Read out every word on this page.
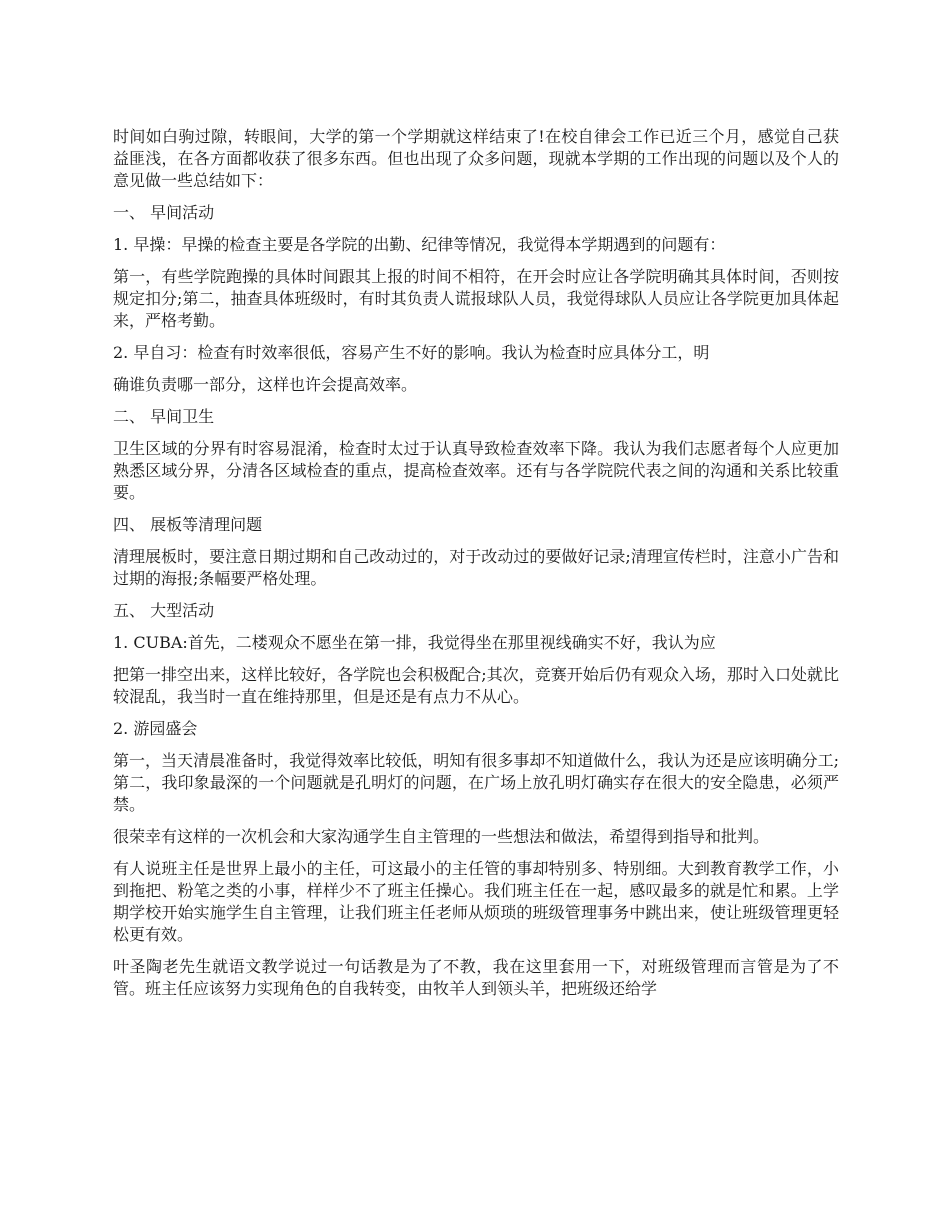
时间如白驹过隙，转眼间，大学的第一个学期就这样结束了!在校自律会工作已近三个月，感觉自己获益匪浅，在各方面都收获了很多东西。但也出现了众多问题，现就本学期的工作出现的问题以及个人的意见做一些总结如下：

一、 早间活动

1. 早操：早操的检查主要是各学院的出勤、纪律等情况，我觉得本学期遇到的问题有：

第一，有些学院跑操的具体时间跟其上报的时间不相符，在开会时应让各学院明确其具体时间，否则按规定扣分;第二，抽查具体班级时，有时其负责人谎报球队人员，我觉得球队人员应让各学院更加具体起来，严格考勤。

2. 早自习：检查有时效率很低，容易产生不好的影响。我认为检查时应具体分工，明

确谁负责哪一部分，这样也许会提高效率。

二、 早间卫生

卫生区域的分界有时容易混淆，检查时太过于认真导致检查效率下降。我认为我们志愿者每个人应更加熟悉区域分界，分清各区域检查的重点，提高检查效率。还有与各学院院代表之间的沟通和关系比较重要。

四、 展板等清理问题

清理展板时，要注意日期过期和自己改动过的，对于改动过的要做好记录;清理宣传栏时，注意小广告和过期的海报;条幅要严格处理。

五、 大型活动

1. CUBA:首先，二楼观众不愿坐在第一排，我觉得坐在那里视线确实不好，我认为应

把第一排空出来，这样比较好，各学院也会积极配合;其次，竞赛开始后仍有观众入场，那时入口处就比较混乱，我当时一直在维持那里，但是还是有点力不从心。

2. 游园盛会

第一，当天清晨准备时，我觉得效率比较低，明知有很多事却不知道做什么，我认为还是应该明确分工;第二，我印象最深的一个问题就是孔明灯的问题，在广场上放孔明灯确实存在很大的安全隐患，必须严禁。

很荣幸有这样的一次机会和大家沟通学生自主管理的一些想法和做法，希望得到指导和批判。

有人说班主任是世界上最小的主任，可这最小的主任管的事却特别多、特别细。大到教育教学工作，小到拖把、粉笔之类的小事，样样少不了班主任操心。我们班主任在一起，感叹最多的就是忙和累。上学期学校开始实施学生自主管理，让我们班主任老师从烦琐的班级管理事务中跳出来，使让班级管理更轻松更有效。

叶圣陶老先生就语文教学说过一句话教是为了不教，我在这里套用一下，对班级管理而言管是为了不管。班主任应该努力实现角色的自我转变，由牧羊人到领头羊，把班级还给学
